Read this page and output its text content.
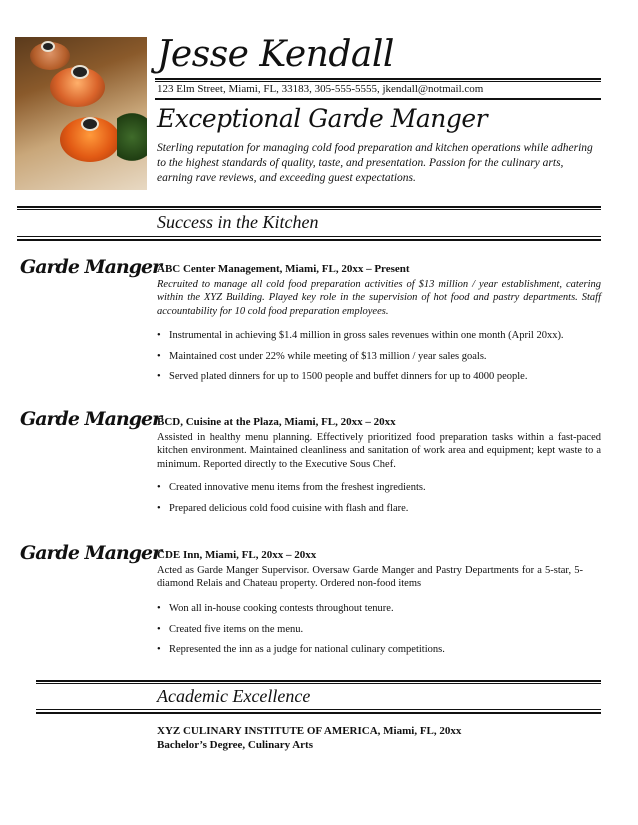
Jesse Kendall
123 Elm Street, Miami, FL, 33183, 305-555-5555, jkendall@notmail.com
Exceptional Garde Manger
Sterling reputation for managing cold food preparation and kitchen operations while adhering to the highest standards of quality, taste, and presentation. Passion for the culinary arts, earning rave reviews, and exceeding guest expectations.
Success in the Kitchen
Garde Manger
ABC Center Management, Miami, FL, 20xx – Present
Recruited to manage all cold food preparation activities of $13 million / year establishment, catering within the XYZ Building. Played key role in the supervision of hot food and pastry departments. Staff accountability for 10 cold food preparation employees.
• Instrumental in achieving $1.4 million in gross sales revenues within one month (April 20xx).
• Maintained cost under 22% while meeting of $13 million / year sales goals.
• Served plated dinners for up to 1500 people and buffet dinners for up to 4000 people.
Garde Manger
BCD, Cuisine at the Plaza, Miami, FL, 20xx – 20xx
Assisted in healthy menu planning. Effectively prioritized food preparation tasks within a fast-paced kitchen environment. Maintained cleanliness and sanitation of work area and equipment; kept waste to a minimum. Reported directly to the Executive Sous Chef.
• Created innovative menu items from the freshest ingredients.
• Prepared delicious cold food cuisine with flash and flare.
Garde Manger
CDE Inn, Miami, FL, 20xx – 20xx
Acted as Garde Manger Supervisor. Oversaw Garde Manger and Pastry Departments for a 5-star, 5-diamond Relais and Chateau property. Ordered non-food items
• Won all in-house cooking contests throughout tenure.
• Created five items on the menu.
• Represented the inn as a judge for national culinary competitions.
Academic Excellence
XYZ CULINARY INSTITUTE OF AMERICA, Miami, FL, 20xx
Bachelor’s Degree, Culinary Arts
